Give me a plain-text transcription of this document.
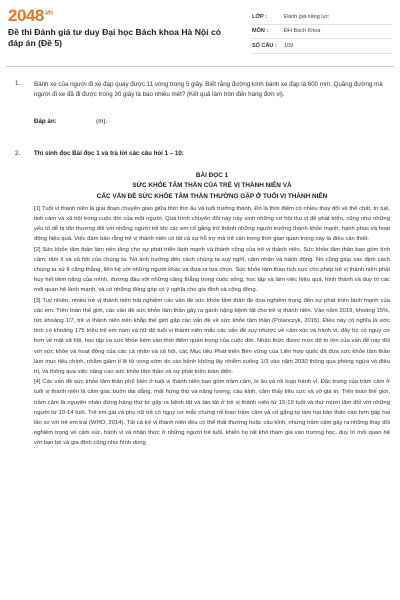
$2048^{.vn}$
Đề thi Đánh giá tư duy Đại học Bách khoa Hà Nội có đáp án (Đề 5)
LỚP :	Đánh giá năng lực
MÔN :	ĐH Bách Khoa
SỐ CÂU :	109
1. Bánh xe của người đi xe đạp quay được 11 vòng trong 5 giây. Biết rằng đường kính bánh xe đạp là 600 mm. Quãng đường mà người đi xe đã đi được trong 30 giây là bao nhiêu mét? (Kết quả làm tròn đến hàng đơn vị).
Đáp án:	(m).
2. Thí sinh đọc Bài đọc 1 và trả lời các câu hỏi 1 – 10:

BÀI ĐỌC 1

SỨC KHỎE TÂM THẦN CỦA TRẺ VỊ THÀNH NIÊN VÀ

CÁC VẤN ĐỀ SỨC KHỎE TÂM THẦN THƯỜNG GẶP Ở TUỔI VỊ THÀNH NIÊN

[1] Tuổi vị thành niên là giai đoạn chuyển giao giữa thời thơ ấu và tuổi trưởng thành. Đó là thời điểm có nhiều thay đổi về thể chất, trí tuệ, tinh cảm và xã hội trong cuộc đời của một người. Quá trình chuyển đổi này nảy sinh những cơ hội thú vị để phát triển, cũng như những yếu tố dễ bị tổn thương đối với những người trẻ khi các em cố gắng trở thành những người trưởng thành khỏe mạnh, hạnh phúc và hoạt động hiệu quả. Việc đảm bảo rằng trẻ vị thành niên có tất cả sự hỗ trợ mà trẻ cần trong thời gian quan trọng này là điều cần thiết.

[2] Sức khỏe tâm thần làm nền tảng cho sự phát triển lành mạnh và thành công của trẻ vị thành niên. Sức khỏe tâm thần bao gồm tình cảm, tâm lí và xã hội của chúng ta. Nó ảnh hưởng đến cách chúng ta suy nghĩ, cảm nhận và hành động. Nó cũng giúp xác định cách chúng ta xử lí căng thẳng, liên hệ với những người khác và đưa ra lựa chọn. Sức khỏe tâm thần tích cực cho phép trẻ vị thành niên phát huy hết tiềm năng của mình, đương đầu với những căng thẳng trong cuộc sống, học tập và làm việc hiệu quả, hình thành và duy trì các mối quan hệ lành mạnh, và có những đóng góp có ý nghĩa cho gia đình và cộng đồng.

[3] Tuy nhiên, nhiều trẻ vị thành niên trải nghiệm các vấn đề sức khỏe tâm thần đe dọa nghiêm trọng đến sự phát triển lành mạnh của các em. Trên toàn thế giới, các vấn đề sức khỏe tâm thần gây ra gánh nặng bệnh tật cho trẻ vị thành niên. Vào năm 2019, khoảng 15%, tức khoảng 1/7, trẻ vị thành niên trên khắp thế giới gặp các vấn đề về sức khỏe tâm thần (Polanczyk, 2015). Điều này có nghĩa là ước tính có khoảng 175 triệu trẻ em nam và nữ độ tuổi vị thành niên mắc các vấn đề suy nhược về cảm xúc và hành vi, đây họ có nguy cơ hơn về mặt xã hội, học tập và sức khỏe kém vào thời điểm quan trọng của cuộc đời. Nhận thức được mức độ to lớn của vấn đề này đối với sức khỏe và hoạt động của các cá nhân và xã hội, các Mục tiêu Phát triển Bền vững của Liên hợp quốc đã đưa sức khỏe tâm thần làm mục tiêu chính, nhằm giảm tỉ lệ tử vong sớm do các bệnh không lây nhiễm xuống 1/3 vào năm 2030 thông qua phòng ngừa và điều trị, và thông qua việc nâng cao sức khỏe tâm thần và sự phát triển toàn diện.

[4] Các vấn đề sức khỏe tâm thần phổ biến ở tuổi vị thành niên bao gồm trầm cảm, lo âu và rối loạn hành vi. Đặc trưng của trầm cảm ở tuổi vị thành niên là cảm giác buồn dai dẳng, mất hứng thú và năng lượng, cáu kỉnh, cảm thấy tiêu cực và vô giá trị. Trên toàn thế giới, trầm cảm là nguyên nhân đứng hàng thứ tư gây ra bệnh tật và tàn tật ở trẻ vị thành niên từ 15-19 tuổi và thứ mười lăm đối với những người từ 10-14 tuổi. Trẻ em gái và phụ nữ trẻ có nguy cơ mắc chứng rối loạn trầm cảm và cố gắng tự làm hại bản thân cao hơn gấp hai lần so với trẻ em trai (WHO, 2014). Tất cả trẻ vị thành niên đều có thể thất thường hoặc cáu kỉnh, nhưng trầm cảm gây ra những thay đổi nghiêm trọng về cảm xúc, hành vi và nhận thức ở những người trẻ tuổi, khiến họ rất khó tham gia vào trường học, duy trì mối quan hệ với bạn bè và gia đình cũng như hình dung
